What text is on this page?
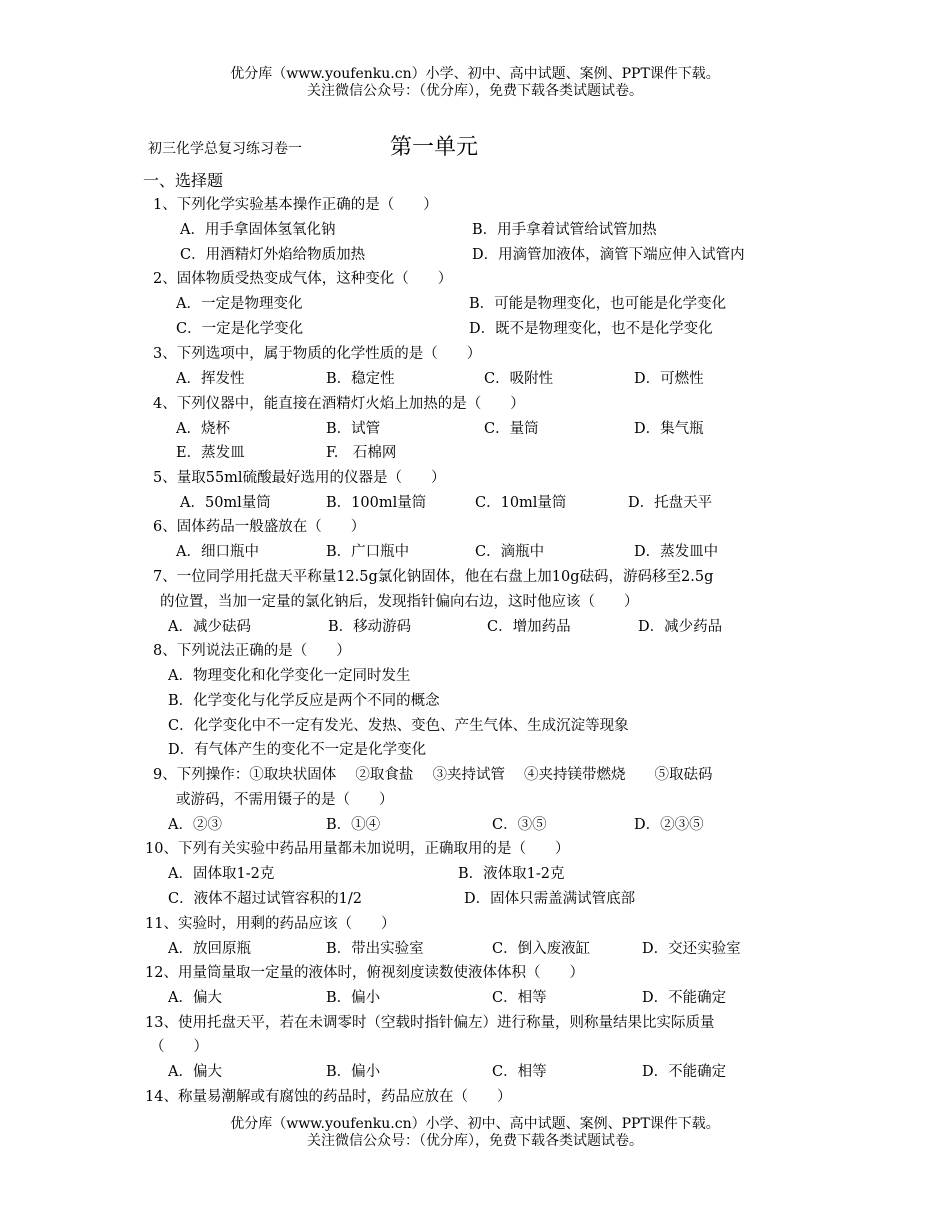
优分库（www.youfenku.cn）小学、初中、高中试题、案例、PPT课件下载。
关注微信公众号：（优分库），免费下载各类试题试卷。
初三化学总复习练习卷一	第一单元
一、选择题
1、下列化学实验基本操作正确的是（　　）
A．用手拿固体氢氧化钠	B．用手拿着试管给试管加热
C．用酒精灯外焰给物质加热	D．用滴管加液体，滴管下端应伸入试管内
2、固体物质受热变成气体，这种变化（　　）
A．一定是物理变化	B．可能是物理变化，也可能是化学变化
C．一定是化学变化	D．既不是物理变化，也不是化学变化
3、下列选项中，属于物质的化学性质的是（　　）
A．挥发性	B．稳定性	C．吸附性	D．可燃性
4、下列仪器中，能直接在酒精灯火焰上加热的是（　　）
A．烧杯	B．试管	C．量筒	D．集气瓶
E．蒸发皿	F.　石棉网
5、量取55ml硫酸最好选用的仪器是（　　）
A．50ml量筒	B．100ml量筒	C．10ml量筒	D．托盘天平
6、固体药品一般盛放在（　　）
A．细口瓶中	B．广口瓶中	C．滴瓶中	D．蒸发皿中
7、一位同学用托盘天平称量12.5g氯化钠固体，他在右盘上加10g砝码，游码移至2.5g
的位置，当加一定量的氯化钠后，发现指针偏向右边，这时他应该（　　）
A．减少砝码	B．移动游码	C．增加药品	D．减少药品
8、下列说法正确的是（　　）
A．物理变化和化学变化一定同时发生
B．化学变化与化学反应是两个不同的概念
C．化学变化中不一定有发光、发热、变色、产生气体、生成沉淀等现象
D．有气体产生的变化不一定是化学变化
9、下列操作：①取块状固体　 ②取食盐　 ③夹持试管　 ④夹持镁带燃烧　　⑤取砝码
或游码，不需用镊子的是（　　）
A．②③	B．①④	C．③⑤	D．②③⑤
10、下列有关实验中药品用量都未加说明，正确取用的是（　　）
A．固体取1-2克	B．液体取1-2克
C．液体不超过试管容积的1/2	D．固体只需盖满试管底部
11、实验时，用剩的药品应该（　　）
A．放回原瓶	B．带出实验室	C．倒入废液缸	D．交还实验室
12、用量筒量取一定量的液体时，俯视刻度读数使液体体积（　　）
A．偏大	B．偏小	C．相等	D．不能确定
13、使用托盘天平，若在未调零时（空载时指针偏左）进行称量，则称量结果比实际质量
（　　）
A．偏大	B．偏小	C．相等	D．不能确定
14、称量易潮解或有腐蚀的药品时，药品应放在（　　）
优分库（www.youfenku.cn）小学、初中、高中试题、案例、PPT课件下载。
关注微信公众号：（优分库），免费下载各类试题试卷。
